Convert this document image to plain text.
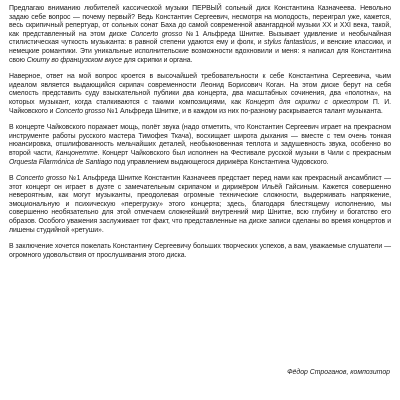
Предлагаю вниманию любителей кассической музыки ПЕРВЫЙ сольный диск Константина Казначеева. Невольно задаю себе вопрос — почему первый? Ведь Константин Сергеевич, несмотря на молодость, переиграл уже, кажется, весь скрипичный репертуар, от сольных сонат Баха до самой современной авангардной музыки XX и XXI века, такой, как представленный на этом диске Concerto grosso №1 Альфреда Шнитке. Вызывает удивление и необычайная стилистическая чуткость музыканта: в равной степени удаются ему и фолк, и stylus fantasticus, и венские классики, и немецкие романтики. Эти уникальные исполнительские возможности вдохновили и меня: я написал для Константина свою Сюиту во французском вкусе для скрипки и органа.

Наверное, ответ на мой вопрос кроется в высочайшей требовательности к себе Константина Сергеевича, чьим идеалом является выдающийся скрипач современности Леонид Борисович Коган. На этом диске берут на себя смелость представить суду взыскательной публики два концерта, два масштабных сочинения, два «полотна», на которых музыкант, когда сталкиваются с такими композициями, как Концерт для скрипки с оркестром П. И. Чайковского и Concerto grosso №1 Альфреда Шнитке, и в каждом из них по-разному раскрывается талант музыканта.

В концерте Чайковского поражает мощь, полёт звука (надо отметить, что Константин Сергеевич играет на прекрасном инструменте работы русского мастера Тимофея Ткача), восхищает широта дыхания — вместе с тем очень тонкая нюансировка, отшлифованность мельчайших деталей, необыкновенная теплота и задушевность звука, особенно во второй части, Канцонетте. Концерт Чайковского был исполнен на Фестивале русской музыки в Чили с прекрасным Orquesta Filarmónica de Santiago под управлением выдающегося дирижёра Константина Чудовского.

В Concerto grosso №1 Альфреда Шнитке Константин Казначеев предстает перед нами как прекрасный ансамблист — этот концерт он играет в дуэте с замечательным скрипачом и дирижёром Ильёй Гайсиным. Кажется совершенно невероятным, как могут музыканты, преодолевая огромные технические сложности, выдерживать напряжение, эмоциональную и психическую «перегрузку» этого концерта; здесь, благодаря блестящему исполнению, мы совершенно необязательно для этой отмечаем сложнейший внутренний мир Шнитке, всю глубину и богатство его образов. Особого уважения заслуживает тот факт, что представленные на диске записи сделаны во время концертов и лишены студийной «ретуши».

В заключение хочется пожелать Константину Сергеевичу больших творческих успехов, а вам, уважаемые слушатели — огромного удовольствия от прослушивания этого диска.

Фёдор Строганов, композитор
